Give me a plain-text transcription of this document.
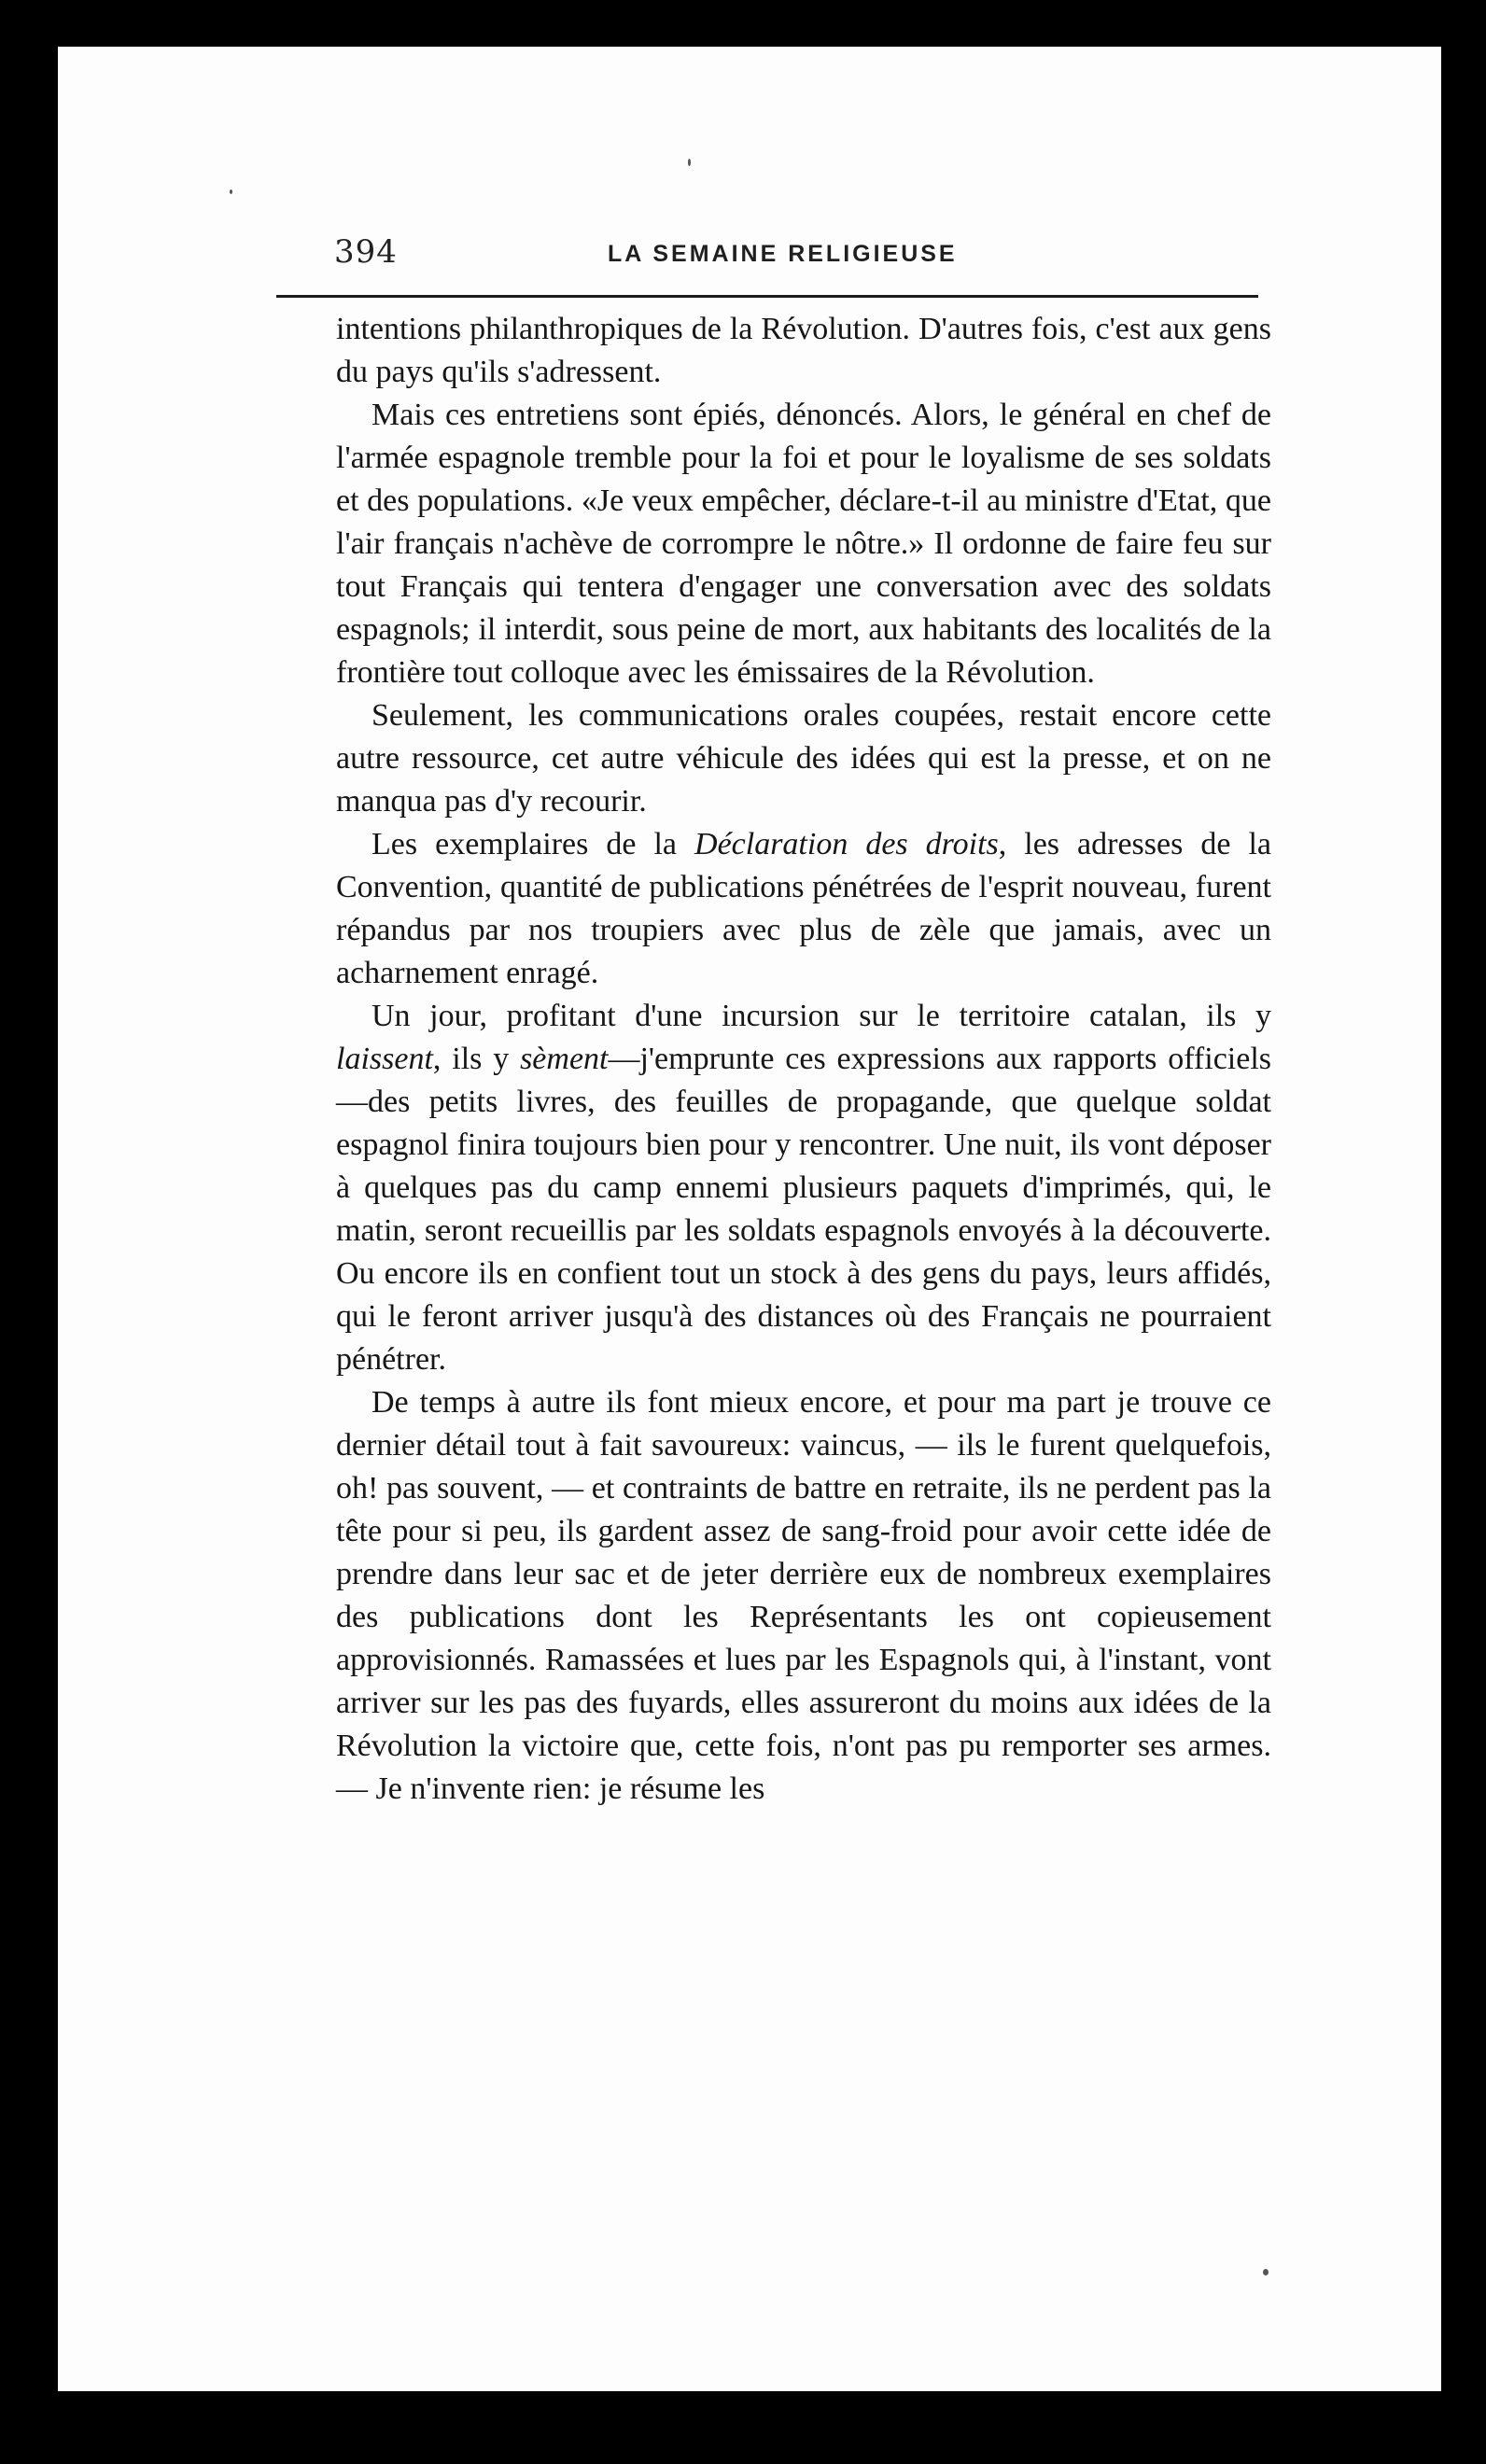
394	LA SEMAINE RELIGIEUSE

intentions philanthropiques de la Révolution. D'autres fois, c'est aux gens du pays qu'ils s'adressent.

Mais ces entretiens sont épiés, dénoncés. Alors, le général en chef de l'armée espagnole tremble pour la foi et pour le loyalisme de ses soldats et des populations. «Je veux empêcher, déclare-t-il au ministre d'Etat, que l'air français n'achève de corrompre le nôtre.» Il ordonne de faire feu sur tout Français qui tentera d'engager une conversation avec des soldats espagnols; il interdit, sous peine de mort, aux habitants des localités de la frontière tout colloque avec les émissaires de la Révolution.

Seulement, les communications orales coupées, restait encore cette autre ressource, cet autre véhicule des idées qui est la presse, et on ne manqua pas d'y recourir.

Les exemplaires de la Déclaration des droits, les adresses de la Convention, quantité de publications pénétrées de l'esprit nouveau, furent répandus par nos troupiers avec plus de zèle que jamais, avec un acharnement enragé.

Un jour, profitant d'une incursion sur le territoire catalan, ils y laissent, ils y sèment—j'emprunte ces expressions aux rapports officiels—des petits livres, des feuilles de propagande, que quelque soldat espagnol finira toujours bien pour y rencontrer. Une nuit, ils vont déposer à quelques pas du camp ennemi plusieurs paquets d'imprimés, qui, le matin, seront recueillis par les soldats espagnols envoyés à la découverte. Ou encore ils en confient tout un stock à des gens du pays, leurs affidés, qui le feront arriver jusqu'à des distances où des Français ne pourraient pénétrer.

De temps à autre ils font mieux encore, et pour ma part je trouve ce dernier détail tout à fait savoureux: vaincus, — ils le furent quelquefois, oh! pas souvent, — et contraints de battre en retraite, ils ne perdent pas la tête pour si peu, ils gardent assez de sang-froid pour avoir cette idée de prendre dans leur sac et de jeter derrière eux de nombreux exemplaires des publications dont les Représentants les ont copieusement approvisionnés. Ramassées et lues par les Espagnols qui, à l'instant, vont arriver sur les pas des fuyards, elles assureront du moins aux idées de la Révolution la victoire que, cette fois, n'ont pas pu remporter ses armes. — Je n'invente rien: je résume les
